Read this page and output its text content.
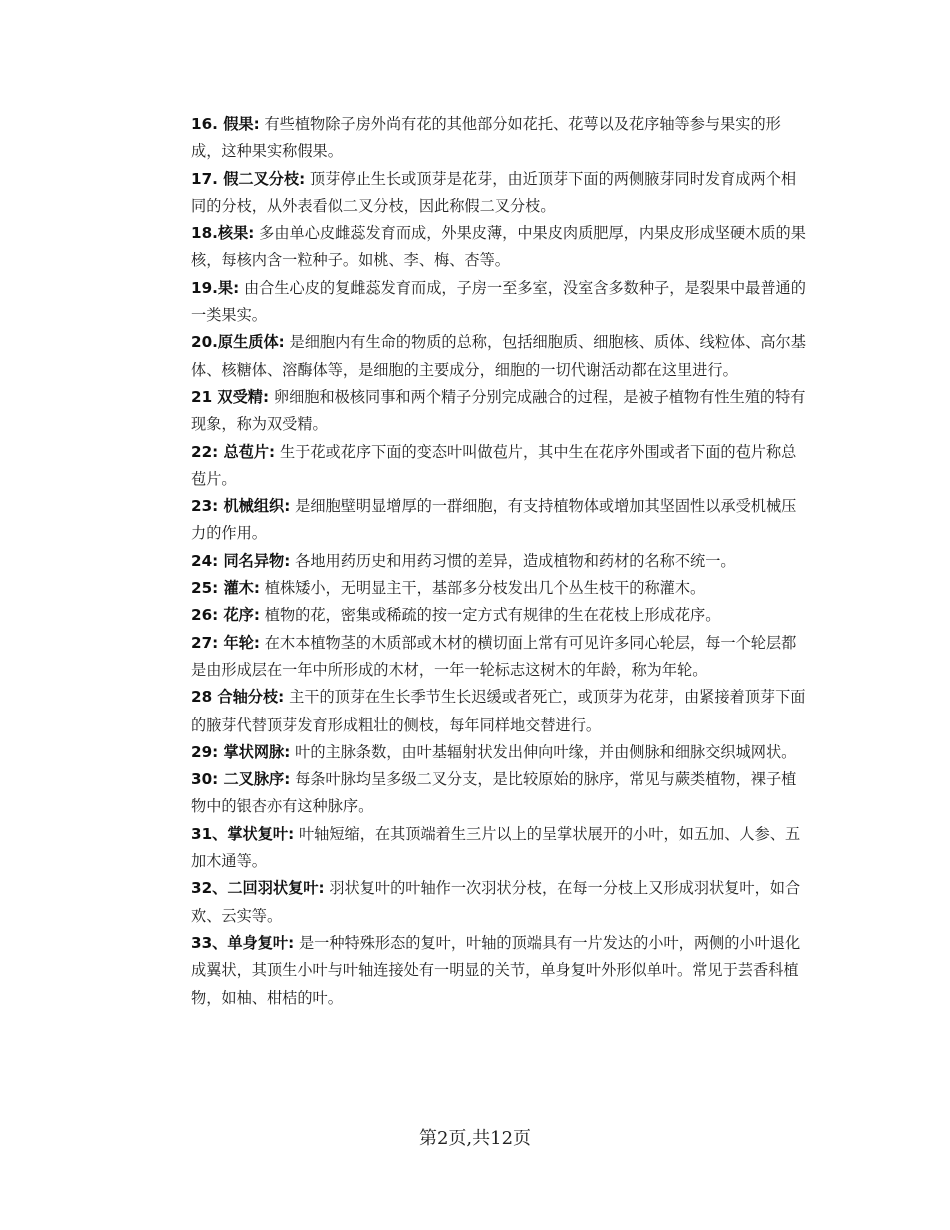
16. 假果: 有些植物除子房外尚有花的其他部分如花托、花萼以及花序轴等参与果实的形成，这种果实称假果。

17. 假二叉分枝: 顶芽停止生长或顶芽是花芽，由近顶芽下面的两侧腋芽同时发育成两个相同的分枝，从外表看似二叉分枝，因此称假二叉分枝。

18.核果: 多由单心皮雌蕊发育而成，外果皮薄，中果皮肉质肥厚，内果皮形成坚硬木质的果核，每核内含一粒种子。如桃、李、梅、杏等。

19.果: 由合生心皮的复雌蕊发育而成，子房一至多室，没室含多数种子，是裂果中最普通的一类果实。

20.原生质体: 是细胞内有生命的物质的总称，包括细胞质、细胞核、质体、线粒体、高尔基体、核糖体、溶酶体等，是细胞的主要成分，细胞的一切代谢活动都在这里进行。

21 双受精: 卵细胞和极核同事和两个精子分别完成融合的过程，是被子植物有性生殖的特有现象，称为双受精。

22: 总苞片: 生于花或花序下面的变态叶叫做苞片，其中生在花序外围或者下面的苞片称总苞片。

23: 机械组织: 是细胞壁明显增厚的一群细胞，有支持植物体或增加其坚固性以承受机械压力的作用。

24: 同名异物: 各地用药历史和用药习惯的差异，造成植物和药材的名称不统一。

25: 灌木: 植株矮小，无明显主干，基部多分枝发出几个丛生枝干的称灌木。

26: 花序: 植物的花，密集或稀疏的按一定方式有规律的生在花枝上形成花序。

27: 年轮: 在木本植物茎的木质部或木材的横切面上常有可见许多同心轮层，每一个轮层都是由形成层在一年中所形成的木材，一年一轮标志这树木的年龄，称为年轮。

28 合轴分枝: 主干的顶芽在生长季节生长迟缓或者死亡，或顶芽为花芽，由紧接着顶芽下面的腋芽代替顶芽发育形成粗壮的侧枝，每年同样地交替进行。

29: 掌状网脉: 叶的主脉条数，由叶基辐射状发出伸向叶缘，并由侧脉和细脉交织城网状。

30: 二叉脉序: 每条叶脉均呈多级二叉分支，是比较原始的脉序，常见与蕨类植物，裸子植物中的银杏亦有这种脉序。

31、掌状复叶: 叶轴短缩，在其顶端着生三片以上的呈掌状展开的小叶，如五加、人参、五加木通等。

32、二回羽状复叶: 羽状复叶的叶轴作一次羽状分枝，在每一分枝上又形成羽状复叶，如合欢、云实等。

33、单身复叶: 是一种特殊形态的复叶，叶轴的顶端具有一片发达的小叶，两侧的小叶退化成翼状，其顶生小叶与叶轴连接处有一明显的关节，单身复叶外形似单叶。常见于芸香科植物，如柚、柑桔的叶。

第2页,共12页
